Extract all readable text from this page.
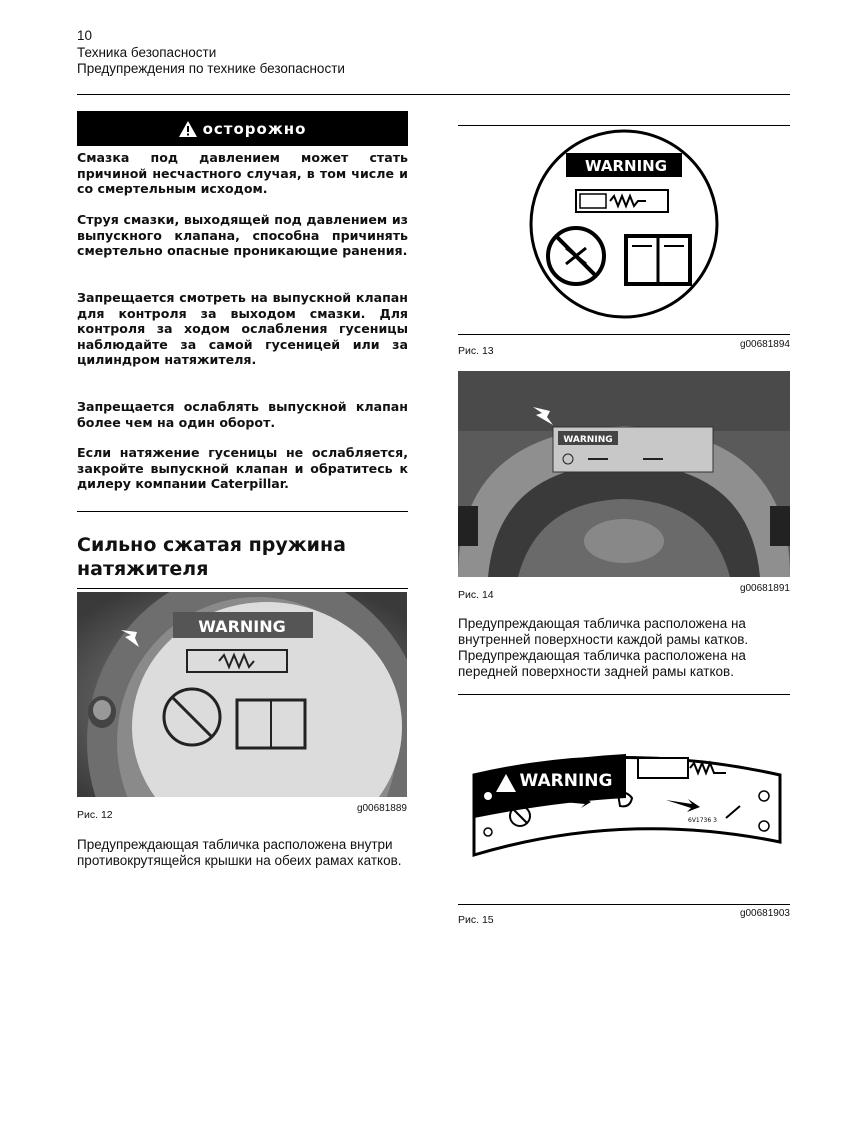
10
Техника безопасности
Предупреждения по технике безопасности
осторожно
Смазка под давлением может стать причиной несчастного случая, в том числе и со смертельным исходом.
Струя смазки, выходящей под давлением из выпускного клапана, способна причинять смертельно опасные проникающие ранения.
Запрещается смотреть на выпускной клапан для контроля за выходом смазки. Для контроля за ходом ослабления гусеницы наблюдайте за самой гусеницей или за цилиндром натяжителя.
Запрещается ослаблять выпускной клапан более чем на один оборот.
Если натяжение гусеницы не ослабляется, закройте выпускной клапан и обратитесь к дилеру компании Caterpillar.
Сильно сжатая пружина натяжителя
WARNING
Рис. 12
g00681889
Предупреждающая табличка расположена внутри противокрутящейся крышки на обеих рамах катков.
WARNING
Рис. 13
g00681894
WARNING
Рис. 14
g00681891
Предупреждающая табличка расположена на внутренней поверхности каждой рамы катков.
Предупреждающая табличка расположена на передней поверхности задней рамы катков.
WARNING
6V1736 3
Рис. 15
g00681903
